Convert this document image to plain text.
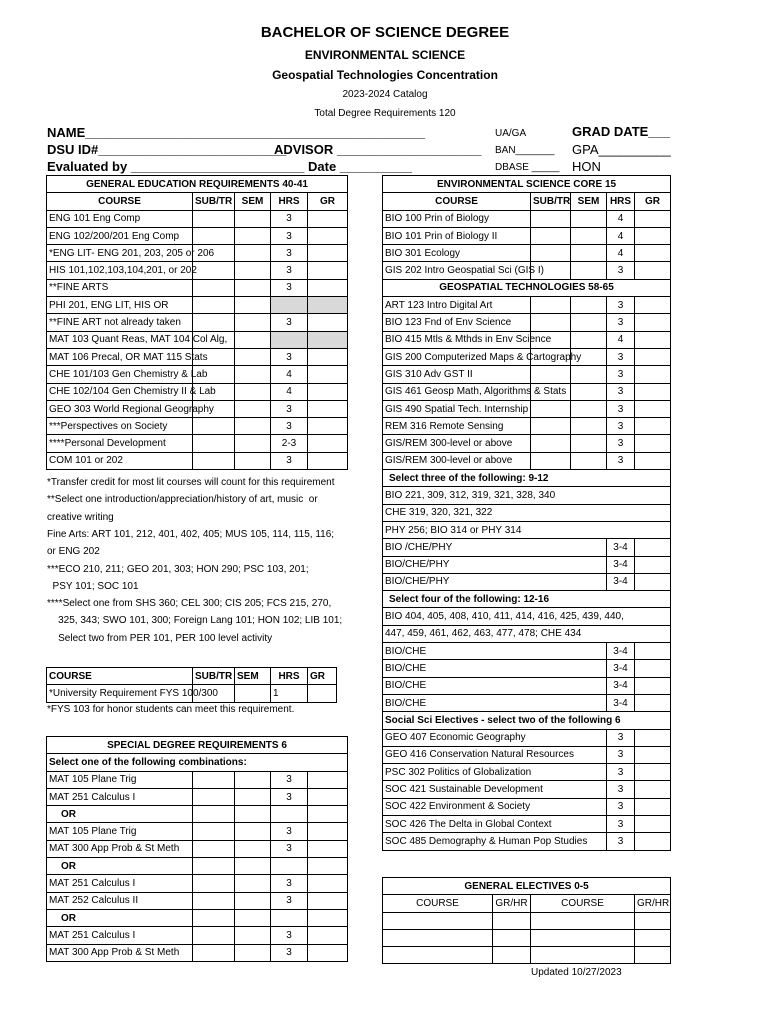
BACHELOR OF SCIENCE DEGREE
ENVIRONMENTAL SCIENCE
Geospatial Technologies Concentration
2023-2024 Catalog
Total Degree Requirements 120
NAME_______________________________________________
DSU ID#__________________________
ADVISOR ____________________
Evaluated by ________________________ Date __________
UA/GA
BAN_______
DBASE _____
GRAD DATE___
GPA__________
HON
GENERAL EDUCATION REQUIREMENTS 40-41				
COURSE	SUB/TR	SEM	HRS	GR
ENG 101 Eng Comp			3	
ENG 102/200/201 Eng Comp			3	
*ENG LIT- ENG 201, 203, 205 or 206			3	
HIS 101,102,103,104,201, or 202			3	
**FINE ARTS			3	
PHI 201, ENG LIT, HIS OR				
**FINE ART not already taken			3	
MAT 103 Quant Reas, MAT 104 Col Alg,				
MAT 106 Precal, OR MAT 115 Stats			3	
CHE 101/103 Gen Chemistry & Lab			4	
CHE 102/104 Gen Chemistry II & Lab			4	
GEO 303 World Regional Geography			3	
***Perspectives on Society			3	
****Personal Development			2-3	
COM 101 or 202			3	
*Transfer credit for most lit courses will count for this requirement
**Select one introduction/appreciation/history of art, music  or
creative writing
Fine Arts: ART 101, 212, 401, 402, 405; MUS 105, 114, 115, 116;
or ENG 202
***ECO 210, 211; GEO 201, 303; HON 290; PSC 103, 201;
PSY 101; SOC 101
****Select one from SHS 360; CEL 300; CIS 205; FCS 215, 270,
325, 343; SWO 101, 300; Foreign Lang 101; HON 102; LIB 101;
Select two from PER 101, PER 100 level activity
COURSE	SUB/TR	SEM	HRS	GR
*University Requirement FYS 100/300			1	
*FYS 103 for honor students can meet this requirement.
SPECIAL DEGREE REQUIREMENTS 6				
Select one of the following combinations:				
MAT 105 Plane Trig			3	
MAT 251 Calculus I			3	
OR				
MAT 105 Plane Trig			3	
MAT 300 App Prob & St Meth			3	
OR				
MAT 251 Calculus I			3	
MAT 252 Calculus II			3	
OR				
MAT 251 Calculus I			3	
MAT 300 App Prob & St Meth			3	
ENVIRONMENTAL SCIENCE CORE 15				
COURSE	SUB/TR	SEM	HRS	GR
BIO 100 Prin of Biology			4	
BIO 101 Prin of Biology II			4	
BIO 301 Ecology			4	
GIS 202 Intro Geospatial Sci (GIS I)			3	
GEOSPATIAL TECHNOLOGIES 58-65				
ART 123 Intro Digital Art			3	
BIO 123 Fnd of Env Science			3	
BIO 415 Mtls & Mthds in Env Science			4	
GIS 200 Computerized Maps & Cartography			3	
GIS 310 Adv GST II			3	
GIS 461 Geosp Math, Algorithms & Stats			3	
GIS 490 Spatial Tech. Internship			3	
REM 316 Remote Sensing			3	
GIS/REM 300-level or above			3	
GIS/REM 300-level or above			3	
Select three of the following: 9-12				
BIO 221, 309, 312, 319, 321, 328, 340				
CHE 319, 320, 321, 322				
PHY 256; BIO 314 or PHY 314				
BIO /CHE/PHY			3-4	
BIO/CHE/PHY			3-4	
BIO/CHE/PHY			3-4	
Select four of the following: 12-16				
BIO 404, 405, 408, 410, 411, 414, 416, 425, 439, 440,				
447, 459, 461, 462, 463, 477, 478; CHE 434				
BIO/CHE			3-4	
BIO/CHE			3-4	
BIO/CHE			3-4	
BIO/CHE			3-4	
Social Sci Electives - select two of the following 6				
GEO 407 Economic Geography			3	
GEO 416 Conservation Natural Resources			3	
PSC 302 Politics of Globalization			3	
SOC 421 Sustainable Development			3	
SOC 422 Environment & Society			3	
SOC 426 The Delta in Global Context			3	
SOC 485 Demography & Human Pop Studies			3	
GENERAL ELECTIVES 0-5			
COURSE	GR/HR	COURSE	GR/HR

Updated 10/27/2023
